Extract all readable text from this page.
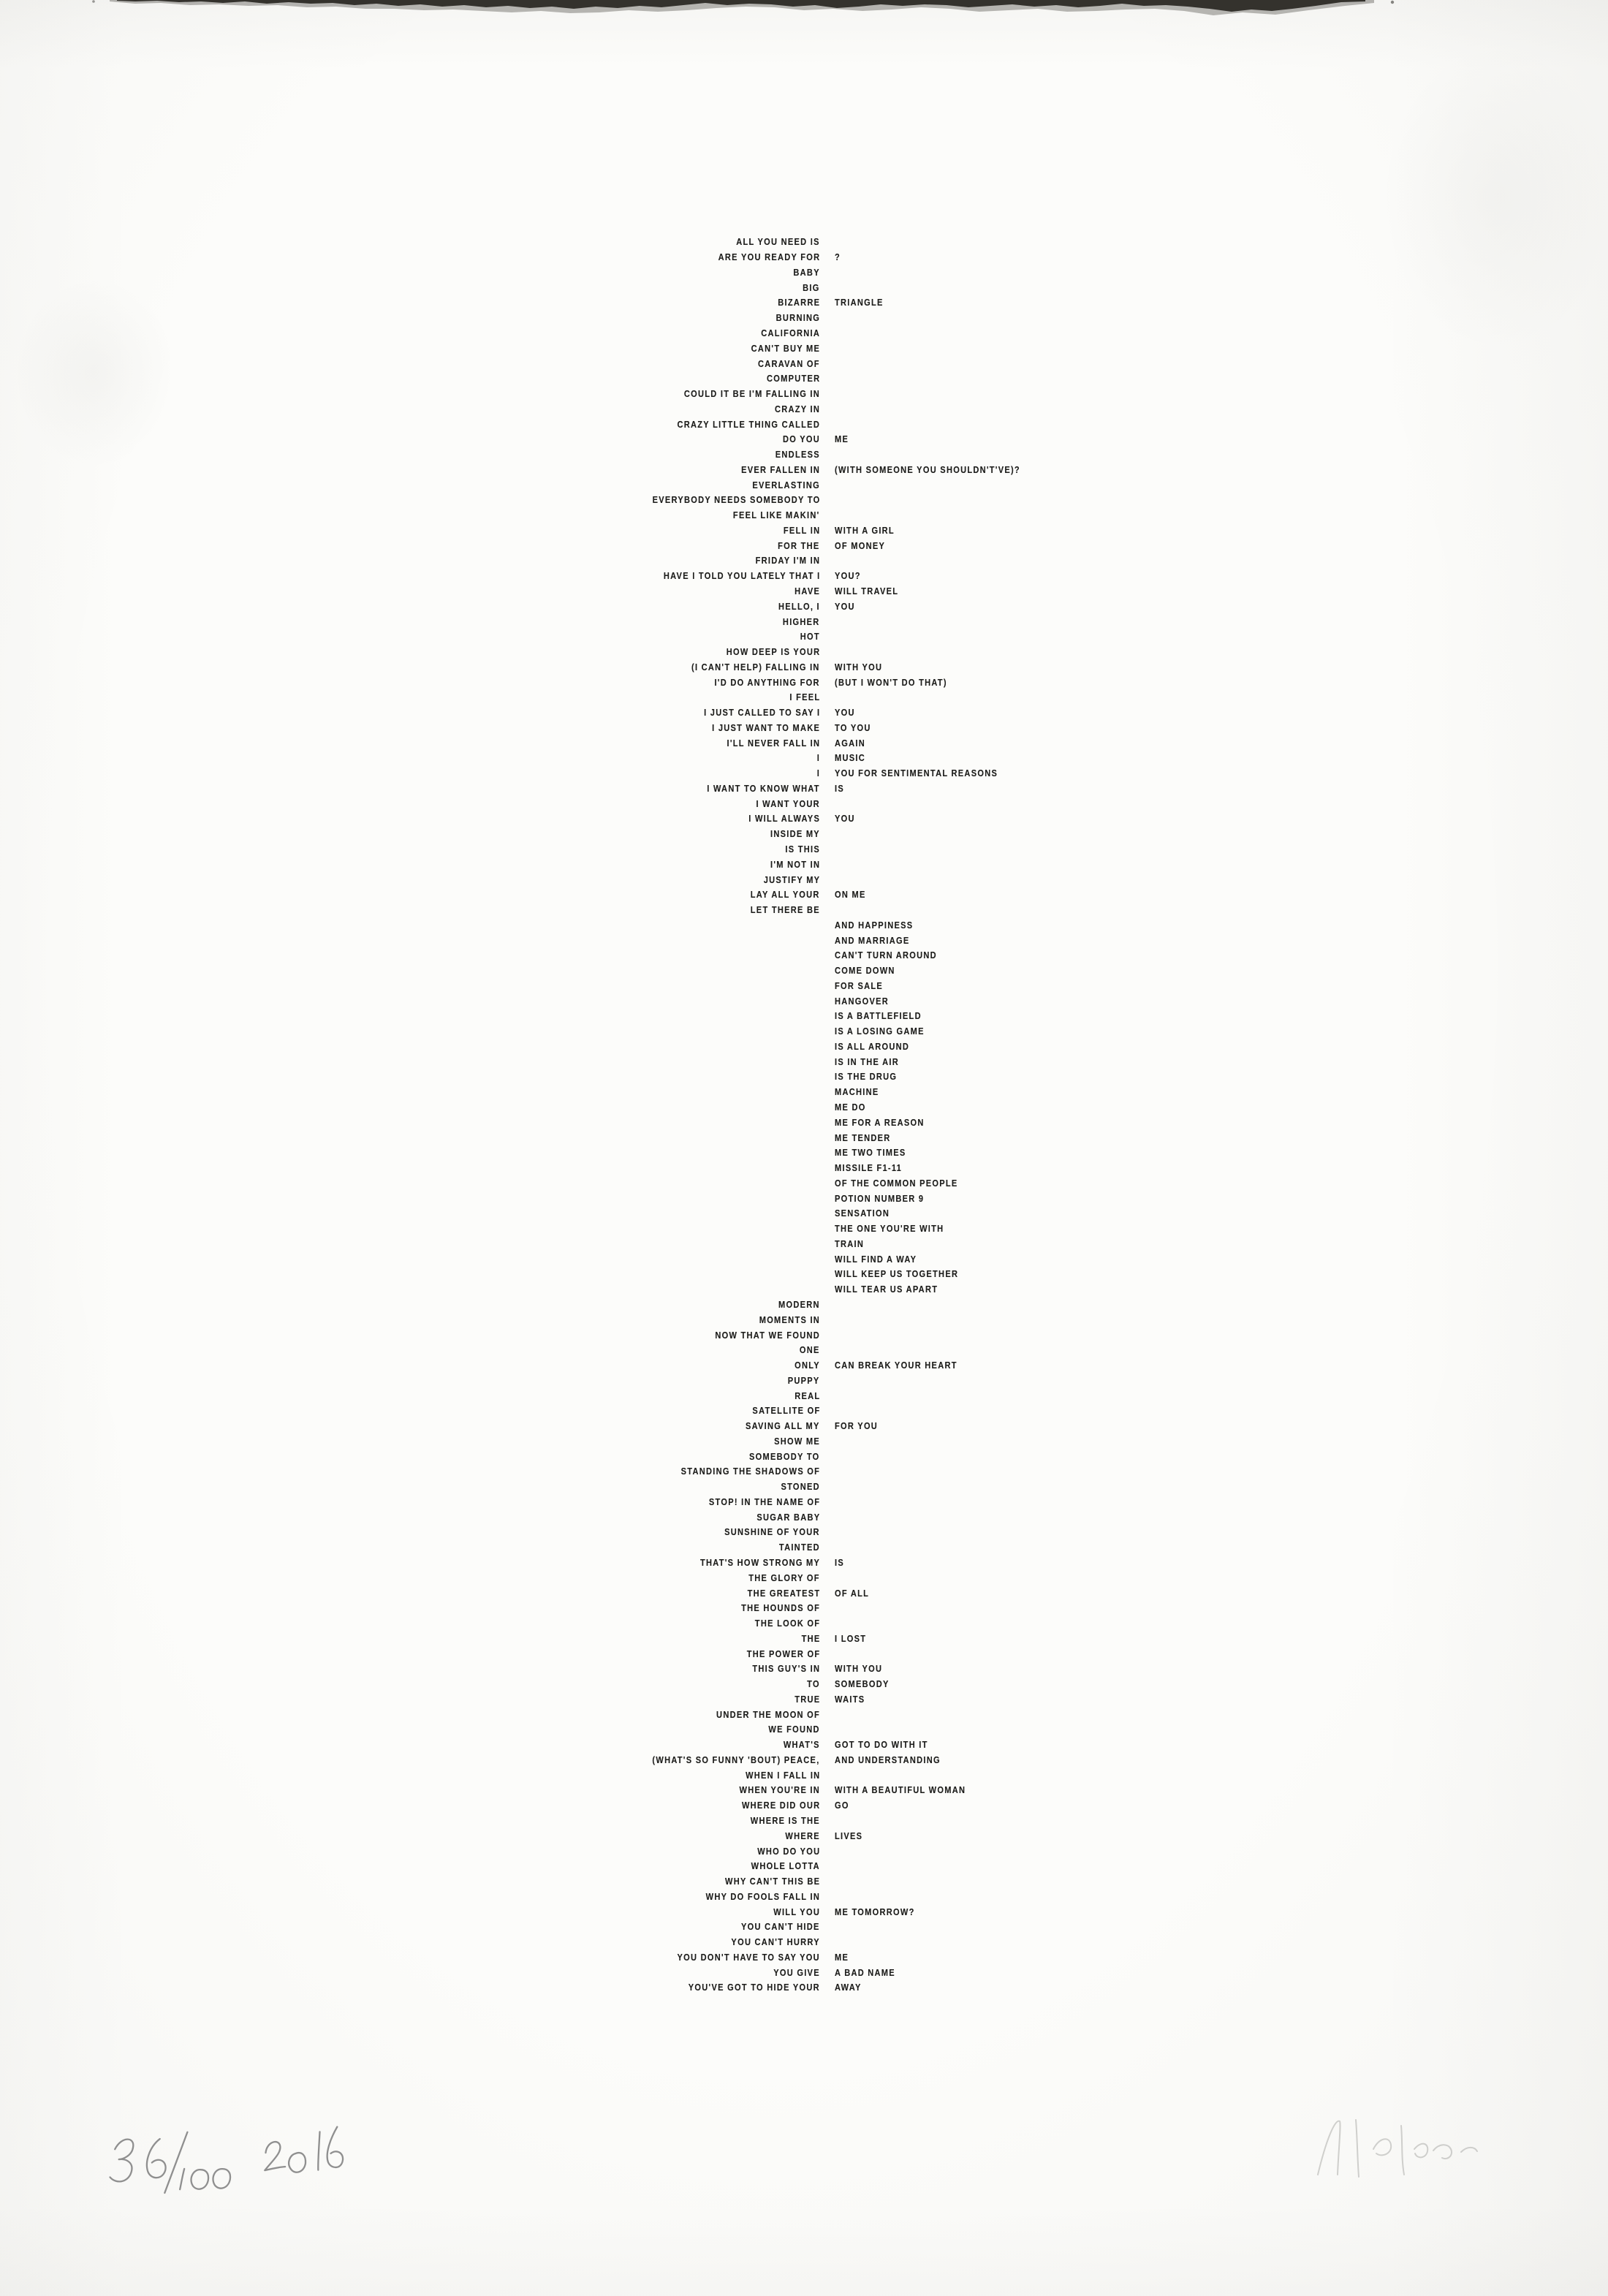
ALL YOU NEED IS
ARE YOU READY FOR ?
BABY
BIG
BIZARRE TRIANGLE
BURNING
CALIFORNIA
CAN'T BUY ME
CARAVAN OF
COMPUTER
COULD IT BE I'M FALLING IN
CRAZY IN
CRAZY LITTLE THING CALLED
DO YOU ME
ENDLESS
EVER FALLEN IN (WITH SOMEONE YOU SHOULDN'T'VE)?
EVERLASTING
EVERYBODY NEEDS SOMEBODY TO
FEEL LIKE MAKIN'
FELL IN WITH A GIRL
FOR THE OF MONEY
FRIDAY I'M IN
HAVE I TOLD YOU LATELY THAT I YOU?
HAVE WILL TRAVEL
HELLO, I YOU
HIGHER
HOT
HOW DEEP IS YOUR
(I CAN'T HELP) FALLING IN WITH YOU
I'D DO ANYTHING FOR (BUT I WON'T DO THAT)
I FEEL
I JUST CALLED TO SAY I YOU
I JUST WANT TO MAKE TO YOU
I'LL NEVER FALL IN AGAIN
I MUSIC
I YOU FOR SENTIMENTAL REASONS
I WANT TO KNOW WHAT IS
I WANT YOUR
I WILL ALWAYS YOU
INSIDE MY
IS THIS
I'M NOT IN
JUSTIFY MY
LAY ALL YOUR ON ME
LET THERE BE
AND HAPPINESS
AND MARRIAGE
CAN'T TURN AROUND
COME DOWN
FOR SALE
HANGOVER
IS A BATTLEFIELD
IS A LOSING GAME
IS ALL AROUND
IS IN THE AIR
IS THE DRUG
MACHINE
ME DO
ME FOR A REASON
ME TENDER
ME TWO TIMES
MISSILE F1-11
OF THE COMMON PEOPLE
POTION NUMBER 9
SENSATION
THE ONE YOU'RE WITH
TRAIN
WILL FIND A WAY
WILL KEEP US TOGETHER
WILL TEAR US APART
MODERN
MOMENTS IN
NOW THAT WE FOUND
ONE
ONLY CAN BREAK YOUR HEART
PUPPY
REAL
SATELLITE OF
SAVING ALL MY FOR YOU
SHOW ME
SOMEBODY TO
STANDING THE SHADOWS OF
STONED
STOP! IN THE NAME OF
SUGAR BABY
SUNSHINE OF YOUR
TAINTED
THAT'S HOW STRONG MY IS
THE GLORY OF
THE GREATEST OF ALL
THE HOUNDS OF
THE LOOK OF
THE I LOST
THE POWER OF
THIS GUY'S IN WITH YOU
TO SOMEBODY
TRUE WAITS
UNDER THE MOON OF
WE FOUND
WHAT'S GOT TO DO WITH IT
(WHAT'S SO FUNNY 'BOUT) PEACE, AND UNDERSTANDING
WHEN I FALL IN
WHEN YOU'RE IN WITH A BEAUTIFUL WOMAN
WHERE DID OUR GO
WHERE IS THE
WHERE LIVES
WHO DO YOU
WHOLE LOTTA
WHY CAN'T THIS BE
WHY DO FOOLS FALL IN
WILL YOU ME TOMORROW?
YOU CAN'T HIDE
YOU CAN'T HURRY
YOU DON'T HAVE TO SAY YOU ME
YOU GIVE A BAD NAME
YOU'VE GOT TO HIDE YOUR AWAY
